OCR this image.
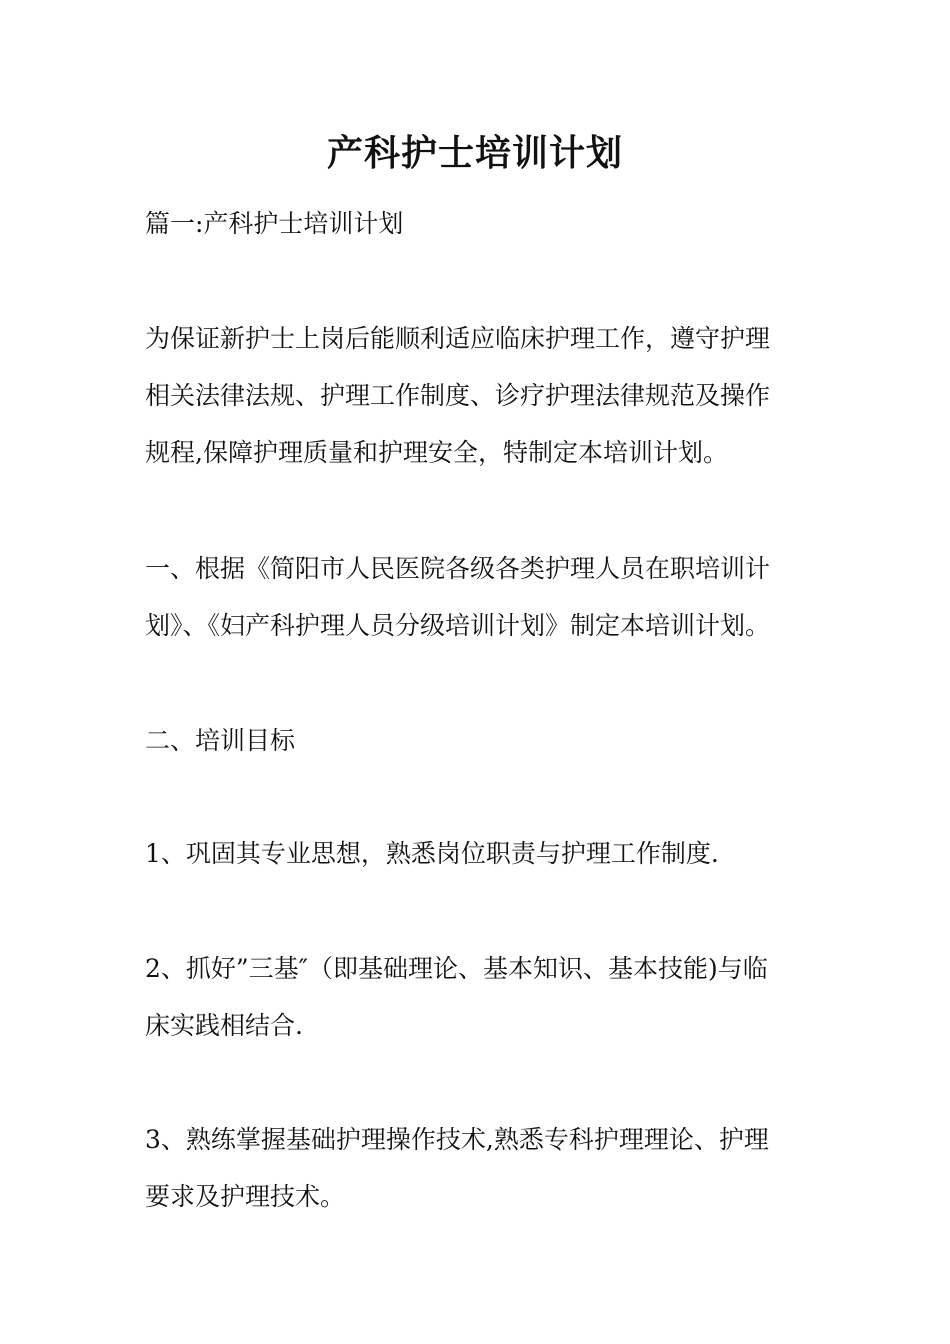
产科护士培训计划
篇一:产科护士培训计划
为保证新护士上岗后能顺利适应临床护理工作，遵守护理
相关法律法规、护理工作制度、诊疗护理法律规范及操作
规程,保障护理质量和护理安全，特制定本培训计划。
一、根据《简阳市人民医院各级各类护理人员在职培训计
划》、《妇产科护理人员分级培训计划》制定本培训计划。
二、培训目标
1、巩固其专业思想，熟悉岗位职责与护理工作制度.
2、抓好”三基″（即基础理论、基本知识、基本技能)与临
床实践相结合.
3、熟练掌握基础护理操作技术,熟悉专科护理理论、护理
要求及护理技术。
